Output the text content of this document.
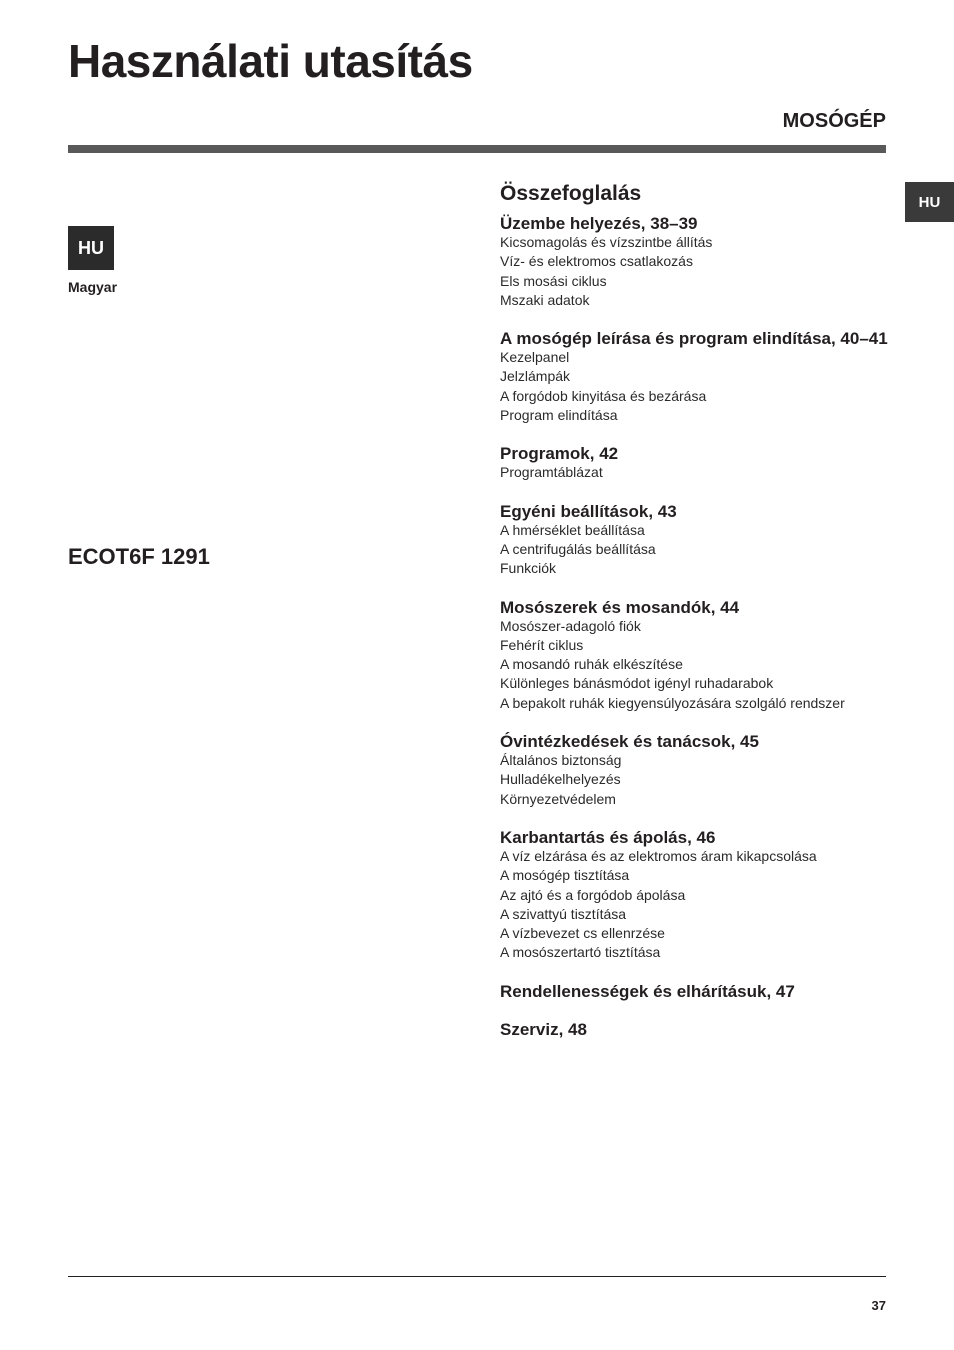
Használati utasítás
MOSÓGÉP
HU
HU
Magyar
ECOT6F 1291
Összefoglalás
Üzembe helyezés, 38–39
Kicsomagolás és vízszintbe állítás
Víz- és elektromos csatlakozás
Els mosási ciklus
Mszaki adatok
A mosógép leírása és program elindítása, 40–41
Kezelpanel
Jelzlámpák
A forgódob kinyitása és bezárása
Program elindítása
Programok, 42
Programtáblázat
Egyéni beállítások, 43
A hmérséklet beállítása
A centrifugálás beállítása
Funkciók
Mosószerek és mosandók, 44
Mosószer-adagoló fiók
Fehérít ciklus
A mosandó ruhák elkészítése
Különleges bánásmódot igényl ruhadarabok
A bepakolt ruhák kiegyensúlyozására szolgáló rendszer
Óvintézkedések és tanácsok, 45
Általános biztonság
Hulladékelhelyezés
Környezetvédelem
Karbantartás és ápolás, 46
A víz elzárása és az elektromos áram kikapcsolása
A mosógép tisztítása
Az ajtó és a forgódob ápolása
A szivattyú tisztítása
A vízbevezet cs ellenrzése
A mosószertartó tisztítása
Rendellenességek és elhárításuk, 47
Szerviz, 48
37
